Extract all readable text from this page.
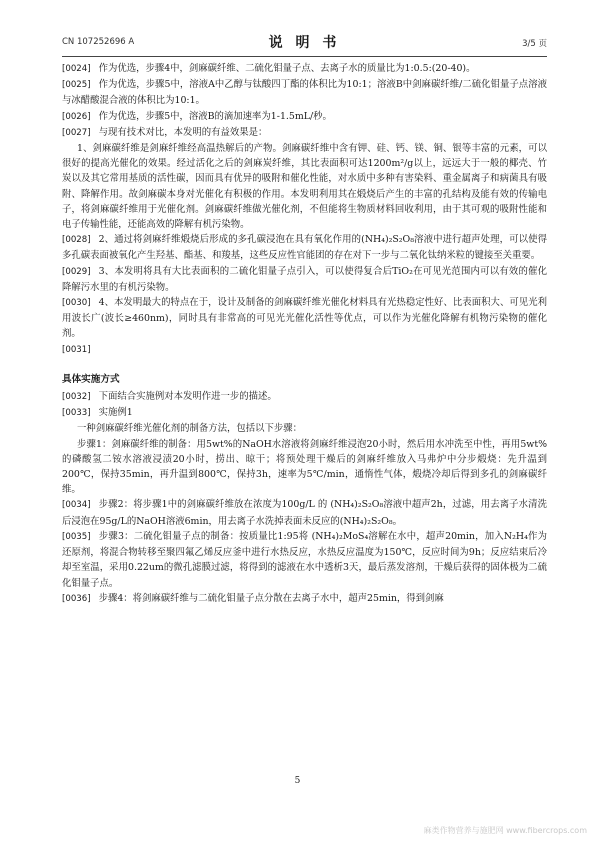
CN 107252696 A	说 明 书	3/5 页

[0024] 作为优选，步骤4中，剑麻碳纤维、二硫化钼量子点、去离子水的质量比为1:0.5:(20-40)。

[0025] 作为优选，步骤5中，溶液A中乙醇与钛酸四丁酯的体积比为10:1；溶液B中剑麻碳纤维/二硫化钼量子点溶液与冰醋酸混合液的体积比为10:1。

[0026] 作为优选，步骤5中，溶液B的滴加速率为1-1.5mL/秒。

[0027] 与现有技术对比，本发明的有益效果是：

1、剑麻碳纤维是剑麻纤维经高温热解后的产物。剑麻碳纤维中含有钾、硅、钙、镁、铜、银等丰富的元素，可以很好的提高光催化的效果。经过活化之后的剑麻炭纤维，其比表面积可达1200m²/g以上，远远大于一般的椰壳、竹炭以及其它常用基质的活性碳，因而具有优异的吸附和催化性能，对水质中多种有害染料、重金属离子和病菌具有吸附、降解作用。故剑麻碳本身对光催化有积极的作用。本发明利用其在煅烧后产生的丰富的孔结构及能有效的传输电子，将剑麻碳纤维用于光催化剂。剑麻碳纤维做光催化剂，不但能将生物质材料回收利用，由于其可观的吸附性能和电子传输性能，还能高效的降解有机污染物。

[0028] 2、通过将剑麻纤维煅烧后形成的多孔碳浸泡在具有氧化作用的(NH₄)₂S₂O₈溶液中进行超声处理，可以使得多孔碳表面被氧化产生羟基、酯基、和羧基，这些反应性官能团的存在对下一步与二氧化钛纳米粒的键接至关重要。

[0029] 3、本发明将具有大比表面积的二硫化钼量子点引入，可以使得复合后TiO₂在可见光范围内可以有效的催化降解污水里的有机污染物。

[0030] 4、本发明最大的特点在于，设计及制备的剑麻碳纤维光催化材料具有光热稳定性好、比表面积大、可见光利用波长广(波长≥460nm)，同时具有非常高的可见光光催化活性等优点，可以作为光催化降解有机物污染物的催化剂。

[0031]

具体实施方式

[0032] 下面结合实施例对本发明作进一步的描述。

[0033] 实施例1

一种剑麻碳纤维光催化剂的制备方法，包括以下步骤：

步骤1：剑麻碳纤维的制备：用5wt%的NaOH水溶液将剑麻纤维浸泡20小时，然后用水冲洗至中性，再用5wt%的磷酸氢二铵水溶液浸渍20小时，捞出、晾干；将预处理干燥后的剑麻纤维放入马弗炉中分步煅烧：先升温到200℃，保持35min，再升温到800℃，保持3h，速率为5℃/min，通惰性气体，煅烧冷却后得到多孔的剑麻碳纤维。

[0034] 步骤2：将步骤1中的剑麻碳纤维放在浓度为100g/L 的 (NH₄)₂S₂O₈溶液中超声2h，过滤，用去离子水清洗后浸泡在95g/L的NaOH溶液6min，用去离子水洗掉表面未反应的(NH₄)₂S₂O₈。

[0035] 步骤3：二硫化钼量子点的制备：按质量比1:95将 (NH₄)₂MoS₄溶解在水中，超声20min，加入N₂H₄作为还原剂，将混合物转移至聚四氟乙烯反应釜中进行水热反应，水热反应温度为150℃，反应时间为9h；反应结束后冷却至室温，采用0.22um的微孔滤膜过滤，将得到的滤液在水中透析3天，最后蒸发溶剂，干燥后获得的固体极为二硫化钼量子点。

[0036] 步骤4：将剑麻碳纤维与二硫化钼量子点分散在去离子水中，超声25min，得到剑麻

5
麻类作物营养与施肥网 www.fibercrops.com
